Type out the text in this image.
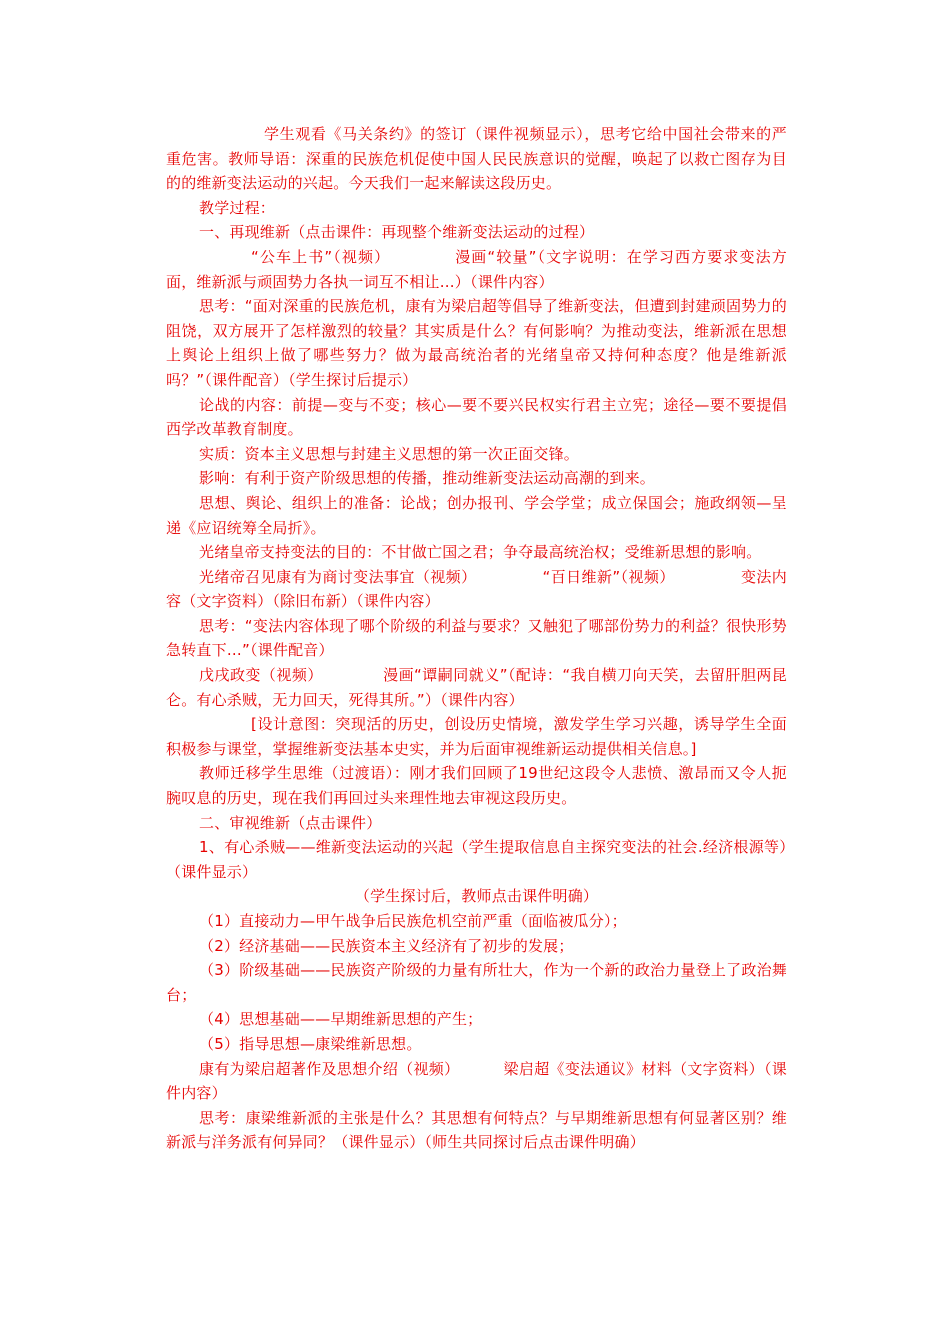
学生观看《马关条约》的签订（课件视频显示），思考它给中国社会带来的严重危害。教师导语：深重的民族危机促使中国人民民族意识的觉醒，唤起了以救亡图存为目的的维新变法运动的兴起。今天我们一起来解读这段历史。

教学过程：

一、再现维新（点击课件：再现整个维新变法运动的过程）

“公车上书”（视频）	漫画“较量”（文字说明：在学习西方要求变法方面，维新派与顽固势力各执一词互不相让…）（课件内容）

思考：“面对深重的民族危机，康有为梁启超等倡导了维新变法，但遭到封建顽固势力的阻饶，双方展开了怎样激烈的较量？其实质是什么？有何影响？为推动变法，维新派在思想上舆论上组织上做了哪些努力？做为最高统治者的光绪皇帝又持何种态度？他是维新派吗？”（课件配音）（学生探讨后提示）

论战的内容：前提—变与不变；核心—要不要兴民权实行君主立宪；途径—要不要提倡西学改革教育制度。

实质：资本主义思想与封建主义思想的第一次正面交锋。

影响：有利于资产阶级思想的传播，推动维新变法运动高潮的到来。

思想、舆论、组织上的准备：论战；创办报刊、学会学堂；成立保国会；施政纲领—呈递《应诏统筹全局折》。

光绪皇帝支持变法的目的：不甘做亡国之君；争夺最高统治权；受维新思想的影响。

光绪帝召见康有为商讨变法事宜（视频）	“百日维新”（视频）	变法内容（文字资料）（除旧布新）（课件内容）

思考：“变法内容体现了哪个阶级的利益与要求？又触犯了哪部份势力的利益？很快形势急转直下…”（课件配音）

戊戌政变（视频）	漫画“谭嗣同就义”（配诗：“我自横刀向天笑，去留肝胆两昆仑。有心杀贼，无力回天，死得其所。”）（课件内容）

[设计意图：突现活的历史，创设历史情境，激发学生学习兴趣，诱导学生全面积极参与课堂，掌握维新变法基本史实，并为后面审视维新运动提供相关信息。]

教师迁移学生思维（过渡语）：刚才我们回顾了19世纪这段令人悲愤、激昂而又令人扼腕叹息的历史，现在我们再回过头来理性地去审视这段历史。

二、审视维新（点击课件）

1、有心杀贼——维新变法运动的兴起（学生提取信息自主探究变法的社会.经济根源等）（课件显示）

（学生探讨后，教师点击课件明确）

（1）直接动力—甲午战争后民族危机空前严重（面临被瓜分）；

（2）经济基础——民族资本主义经济有了初步的发展；

（3）阶级基础——民族资产阶级的力量有所壮大，作为一个新的政治力量登上了政治舞台；

（4）思想基础——早期维新思想的产生；

（5）指导思想—康梁维新思想。

康有为梁启超著作及思想介绍（视频）	梁启超《变法通议》材料（文字资料）（课件内容）

思考：康梁维新派的主张是什么？其思想有何特点？与早期维新思想有何显著区别？维新派与洋务派有何异同？（课件显示）（师生共同探讨后点击课件明确）
